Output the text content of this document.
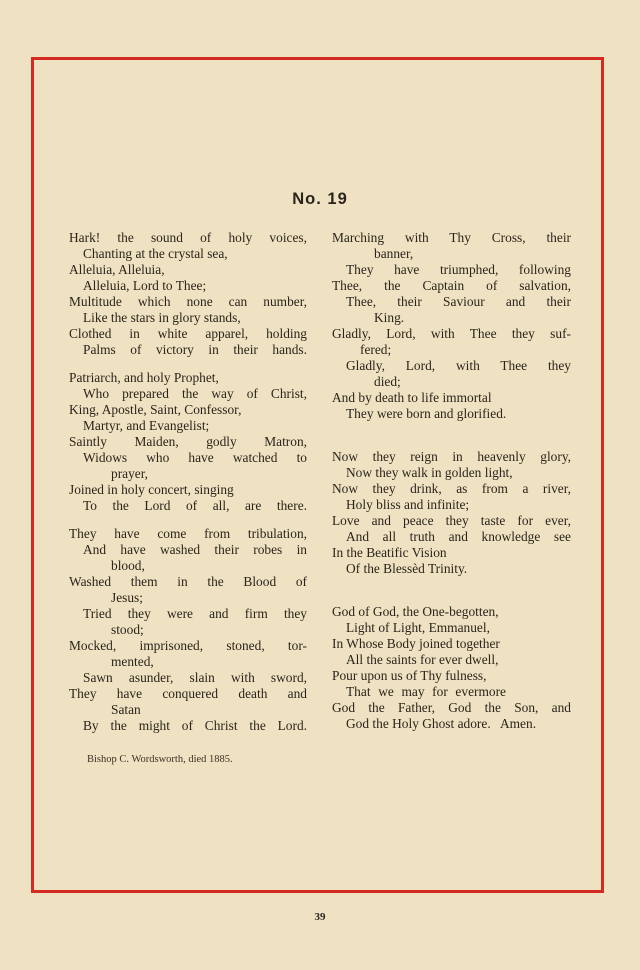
No. 19
Hark! the sound of holy voices,
Chanting at the crystal sea,
Alleluia, Alleluia,
Alleluia, Lord to Thee;
Multitude which none can number,
Like the stars in glory stands,
Clothed in white apparel, holding
Palms of victory in their hands.
Patriarch, and holy Prophet,
Who prepared the way of Christ,
King, Apostle, Saint, Confessor,
Martyr, and Evangelist;
Saintly Maiden, godly Matron,
Widows who have watched to
prayer,
Joined in holy concert, singing
To the Lord of all, are there.
They have come from tribulation,
And have washed their robes in
blood,
Washed them in the Blood of
Jesus;
Tried they were and firm they
stood;
Mocked, imprisoned, stoned, tor-
mented,
Sawn asunder, slain with sword,
They have conquered death and
Satan
By the might of Christ the Lord.
Marching with Thy Cross, their
banner,
They have triumphed, following
Thee, the Captain of salvation,
Thee, their Saviour and their
King.
Gladly, Lord, with Thee they suf-
fered;
Gladly, Lord, with Thee they
died;
And by death to life immortal
They were born and glorified.
Now they reign in heavenly glory,
Now they walk in golden light,
Now they drink, as from a river,
Holy bliss and infinite;
Love and peace they taste for ever,
And all truth and knowledge see
In the Beatific Vision
Of the Blessèd Trinity.
God of God, the One-begotten,
Light of Light, Emmanuel,
In Whose Body joined together
All the saints for ever dwell,
Pour upon us of Thy fulness,
That we may for evermore
God the Father, God the Son, and
God the Holy Ghost adore.   Amen.
Bishop C. Wordsworth, died 1885.
39
